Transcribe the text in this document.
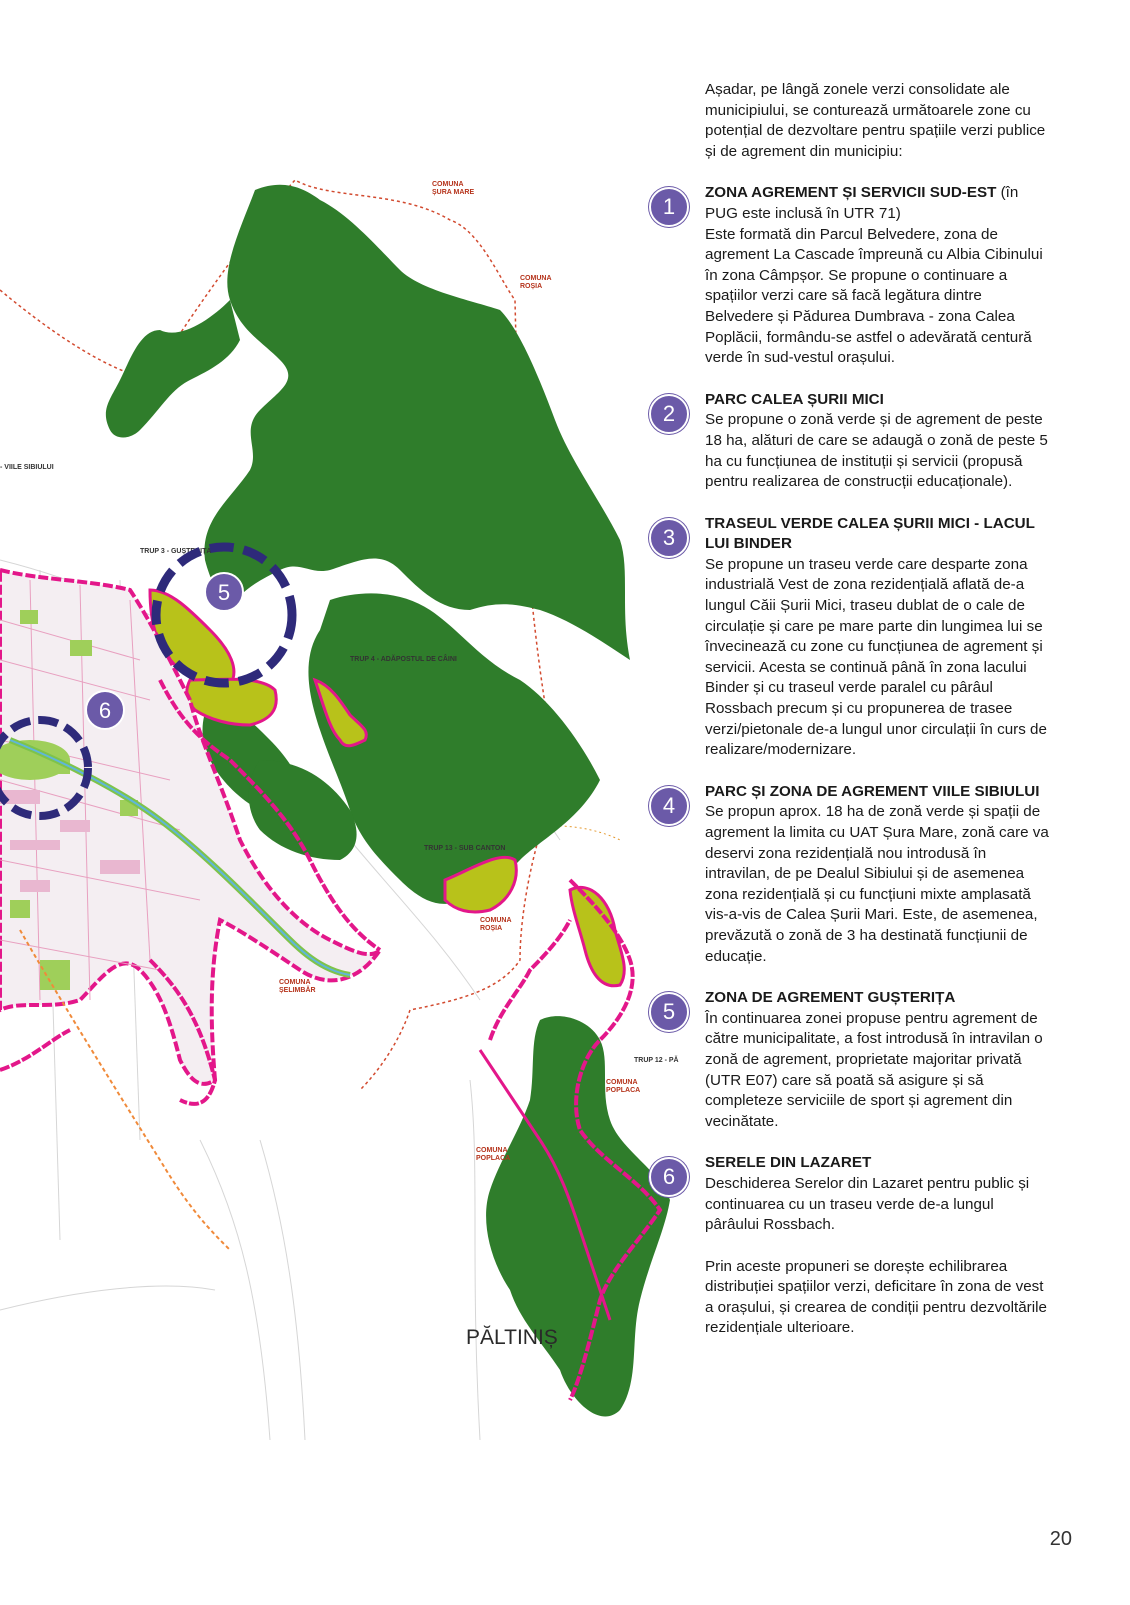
COMUNA
ȘURA MARE
COMUNA
ROȘIA
- VIILE SIBIULUI
TRUP 3 - GUȘTERIȚA
TRUP 4 - ADĂPOSTUL DE CÂINI
TRUP 13 - SUB CANTON
COMUNA
ROȘIA
COMUNA
ȘELIMBĂR
TRUP 12 - PĂ
COMUNA
POPLACA
COMUNA
POPLACA
PĂLTINIȘ
5
6

Așadar, pe lângă zonele verzi consolidate ale municipiului, se conturează următoarele zone cu potențial de dezvoltare pentru spațiile verzi publice și de agrement din municipiu:

1

ZONA AGREMENT ȘI SERVICII SUD-EST (în PUG este inclusă în UTR 71)

Este formată din Parcul Belvedere, zona de agrement La Cascade împreună cu Albia Cibinului în zona Câmpșor. Se propune o continuare a spațiilor verzi care să facă legătura dintre Belvedere și Pădurea Dumbrava - zona Calea Poplăcii, formându-se astfel o adevărată centură verde în sud-vestul orașului.

2

PARC CALEA ȘURII MICI

Se propune o zonă verde și de agrement de peste 18 ha, alături de care se adaugă o zonă de peste 5 ha cu funcțiunea de instituții și servicii (propusă pentru realizarea de construcții educaționale).

3

TRASEUL VERDE CALEA ȘURII MICI - LACUL LUI BINDER

Se propune un traseu verde care desparte zona industrială Vest de zona rezidențială aflată de-a lungul Căii Șurii Mici, traseu dublat de o cale de circulație și care pe mare parte din lungimea lui se învecinează cu zone cu funcțiunea de agrement și servicii. Acesta se continuă până în zona lacului Binder și cu traseul verde paralel cu pârâul Rossbach precum și cu propunerea de trasee verzi/pietonale de-a lungul unor circulații în curs de realizare/modernizare.

4

PARC ȘI ZONA DE AGREMENT VIILE SIBIULUI

Se propun aprox. 18 ha de zonă verde și spații de agrement la limita cu UAT Șura Mare, zonă care va deservi zona rezidențială nou introdusă în intravilan, de pe Dealul Sibiului și de asemenea zona rezidențială și cu funcțiuni mixte amplasată vis-a-vis de Calea Șurii Mari. Este, de asemenea, prevăzută o zonă de 3 ha destinată funcțiunii de educație.

5

ZONA DE AGREMENT GUȘTERIȚA

În continuarea zonei propuse pentru agrement de către municipalitate, a fost introdusă în intravilan o zonă de agrement, proprietate majoritar privată (UTR E07) care să poată să asigure și să completeze serviciile de sport și agrement din vecinătate.

6

SERELE DIN LAZARET

Deschiderea Serelor din Lazaret pentru public și continuarea cu un traseu verde de-a lungul pârâului Rossbach.

Prin aceste propuneri se dorește echilibrarea distribuției spațiilor verzi, deficitare în zona de vest a orașului, și crearea de condiții pentru dezvoltările rezidențiale ulterioare.

20
